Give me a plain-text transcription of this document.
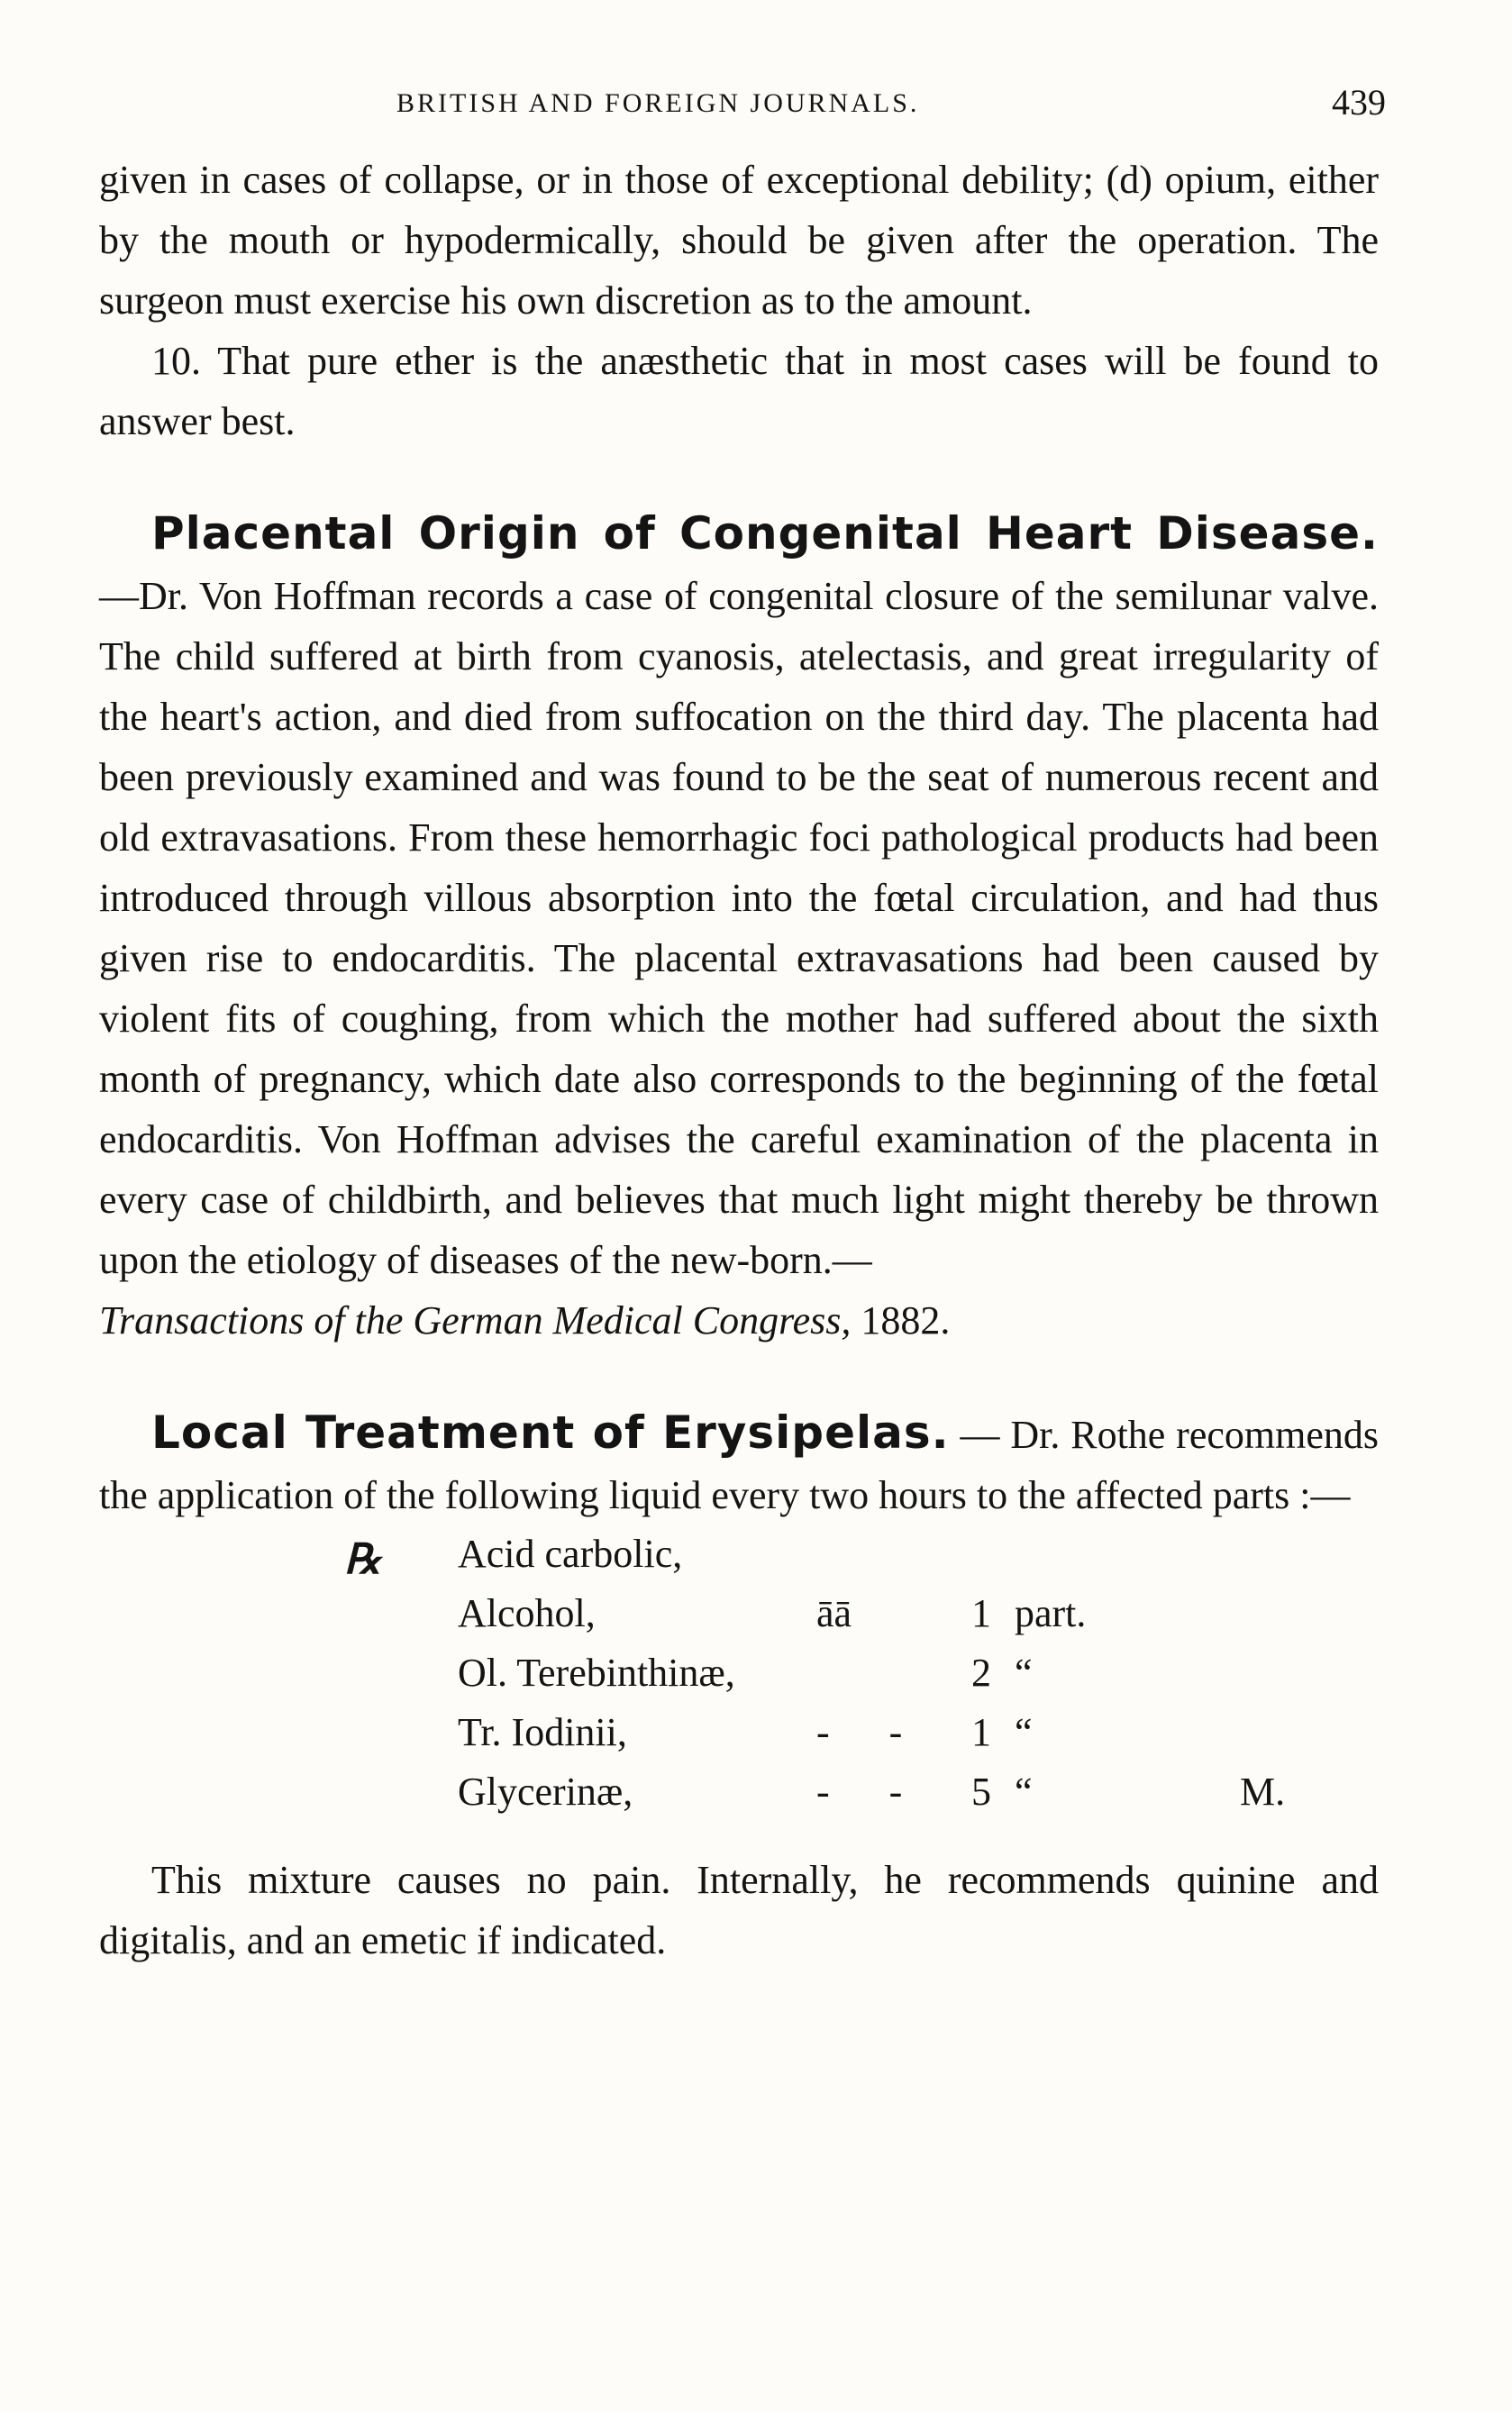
BRITISH AND FOREIGN JOURNALS.	439

given in cases of collapse, or in those of exceptional debility; (d) opium, either by the mouth or hypodermically, should be given after the operation. The surgeon must exercise his own discretion as to the amount.

10. That pure ether is the anæsthetic that in most cases will be found to answer best.

Placental Origin of Congenital Heart Disease.—Dr. Von Hoffman records a case of congenital closure of the semilunar valve. The child suffered at birth from cyanosis, atelectasis, and great irregularity of the heart's action, and died from suffocation on the third day. The placenta had been previously examined and was found to be the seat of numerous recent and old extravasations. From these hemorrhagic foci pathological products had been introduced through villous absorption into the fœtal circulation, and had thus given rise to endocarditis. The placental extravasations had been caused by violent fits of coughing, from which the mother had suffered about the sixth month of pregnancy, which date also corresponds to the beginning of the fœtal endocarditis. Von Hoffman advises the careful examination of the placenta in every case of childbirth, and believes that much light might thereby be thrown upon the etiology of diseases of the new-born.—
Transactions of the German Medical Congress, 1882.

Local Treatment of Erysipelas. — Dr. Rothe recommends the application of the following liquid every two hours to the affected parts :—

℞ Acid carbolic,
Alcohol,	āā	1 part.
Ol. Terebinthinæ,	2 “
Tr. Iodinii,	-      - 1 “
Glycerinæ,	-      - 5 “	M.

This mixture causes no pain. Internally, he recommends quinine and digitalis, and an emetic if indicated.
